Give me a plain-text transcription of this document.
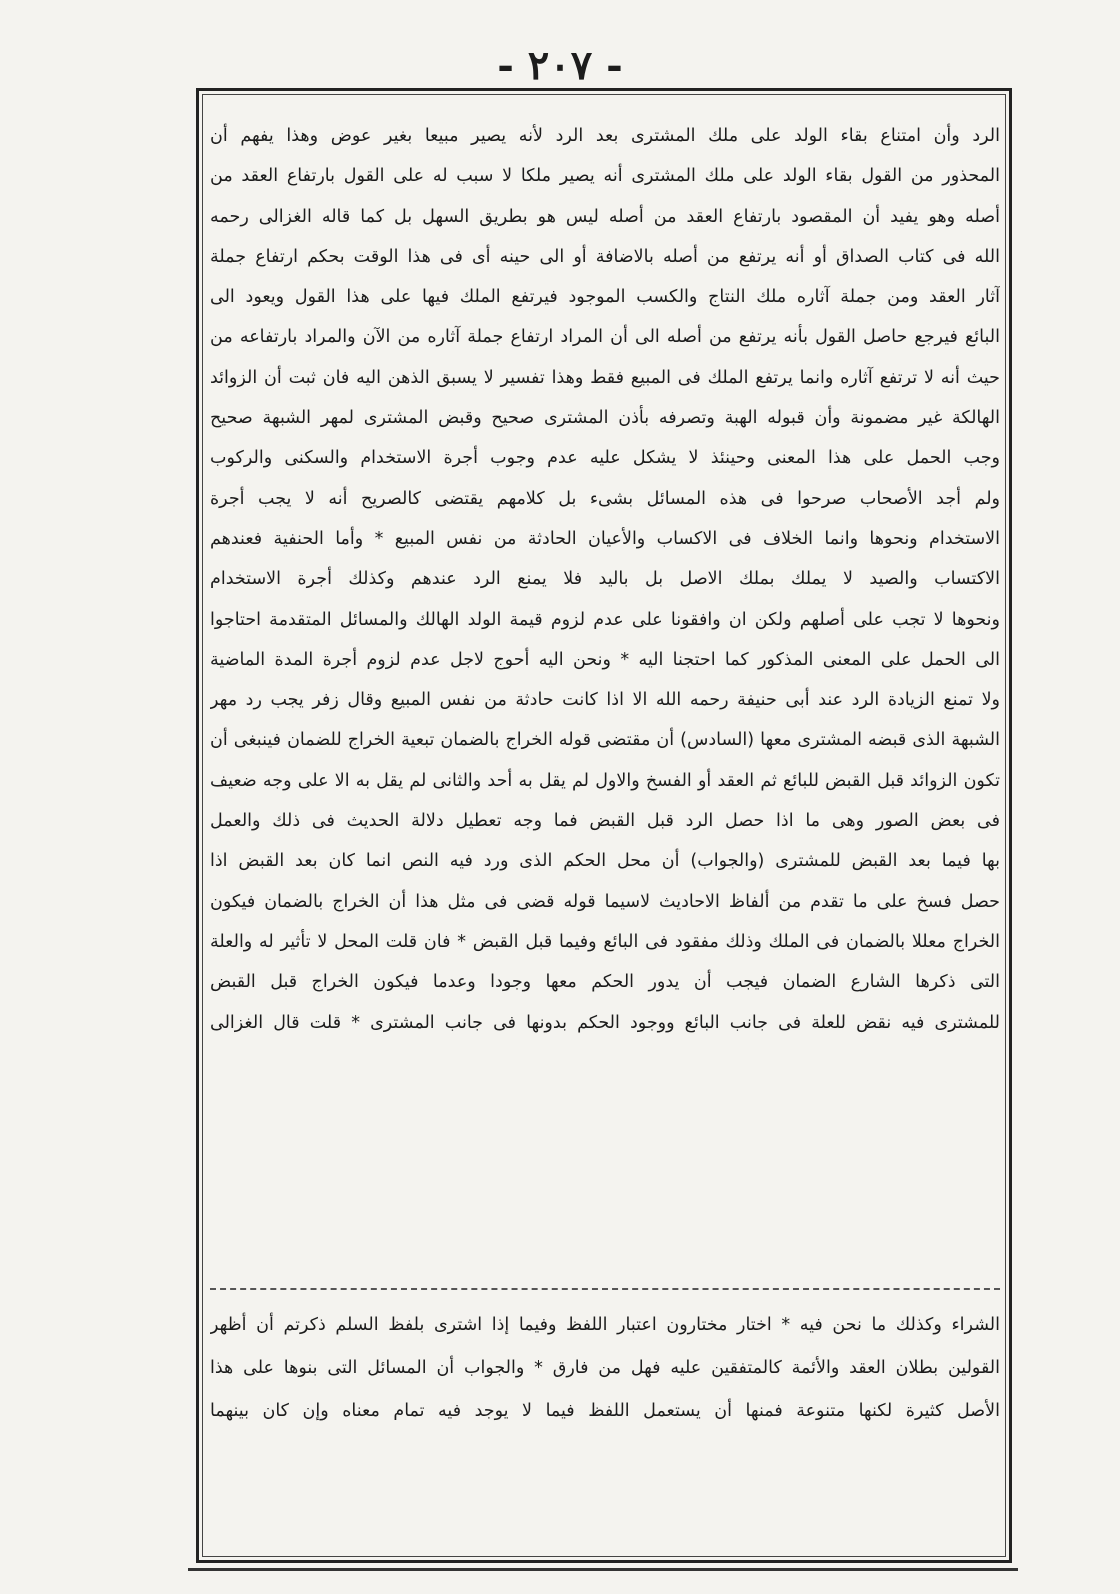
- ٢٠٧ -
الرد وأن امتناع بقاء الولد على ملك المشترى بعد الرد لأنه يصير مبيعا بغير عوض وهذا يفهم أن
المحذور من القول بقاء الولد على ملك المشترى أنه يصير ملكا لا سبب له على القول بارتفاع العقد من
أصله وهو يفيد أن المقصود بارتفاع العقد من أصله ليس هو بطريق السهل بل كما قاله الغزالى رحمه
الله فى كتاب الصداق أو أنه يرتفع من أصله بالاضافة أو الى حينه أى فى هذا الوقت بحكم ارتفاع جملة
آثار العقد ومن جملة آثاره ملك النتاج والكسب الموجود فيرتفع الملك فيها على هذا القول ويعود الى
البائع فيرجع حاصل القول بأنه يرتفع من أصله الى أن المراد ارتفاع جملة آثاره من الآن والمراد بارتفاعه من
حيث أنه لا ترتفع آثاره وانما يرتفع الملك فى المبيع فقط وهذا تفسير لا يسبق الذهن اليه فان ثبت أن الزوائد
الهالكة غير مضمونة وأن قبوله الهبة وتصرفه بأذن المشترى صحيح وقبض المشترى لمهر الشبهة صحيح
وجب الحمل على هذا المعنى وحينئذ لا يشكل عليه عدم وجوب أجرة الاستخدام والسكنى والركوب
ولم أجد الأصحاب صرحوا فى هذه المسائل بشىء بل كلامهم يقتضى كالصريح أنه لا يجب أجرة
الاستخدام ونحوها وانما الخلاف فى الاكساب والأعيان الحادثة من نفس المبيع * وأما الحنفية فعندهم
الاكتساب والصيد لا يملك بملك الاصل بل باليد فلا يمنع الرد عندهم وكذلك أجرة الاستخدام
ونحوها لا تجب على أصلهم ولكن ان وافقونا على عدم لزوم قيمة الولد الهالك والمسائل المتقدمة احتاجوا
الى الحمل على المعنى المذكور كما احتجنا اليه * ونحن اليه أحوج لاجل عدم لزوم أجرة المدة الماضية
ولا تمنع الزيادة الرد عند أبى حنيفة رحمه الله الا اذا كانت حادثة من نفس المبيع وقال زفر يجب رد مهر
الشبهة الذى قبضه المشترى معها (السادس) أن مقتضى قوله الخراج بالضمان تبعية الخراج للضمان فينبغى أن
تكون الزوائد قبل القبض للبائع ثم العقد أو الفسخ والاول لم يقل به أحد والثانى لم يقل به الا على وجه ضعيف
فى بعض الصور وهى ما اذا حصل الرد قبل القبض فما وجه تعطيل دلالة الحديث فى ذلك والعمل
بها فيما بعد القبض للمشترى (والجواب) أن محل الحكم الذى ورد فيه النص انما كان بعد القبض اذا
حصل فسخ على ما تقدم من ألفاظ الاحاديث لاسيما قوله قضى فى مثل هذا أن الخراج بالضمان فيكون
الخراج معللا بالضمان فى الملك وذلك مفقود فى البائع وفيما قبل القبض * فان قلت المحل لا تأثير له والعلة
التى ذكرها الشارع الضمان فيجب أن يدور الحكم معها وجودا وعدما فيكون الخراج قبل القبض
للمشترى فيه نقض للعلة فى جانب البائع ووجود الحكم بدونها فى جانب المشترى * قلت قال الغزالى
الشراء وكذلك ما نحن فيه * اختار مختارون اعتبار اللفظ وفيما إذا اشترى بلفظ السلم ذكرتم أن أظهر
القولين بطلان العقد والأئمة كالمتفقين عليه فهل من فارق * والجواب أن المسائل التى بنوها على هذا
الأصل كثيرة لكنها متنوعة فمنها أن يستعمل اللفظ فيما لا يوجد فيه تمام معناه وإن كان بينهما
